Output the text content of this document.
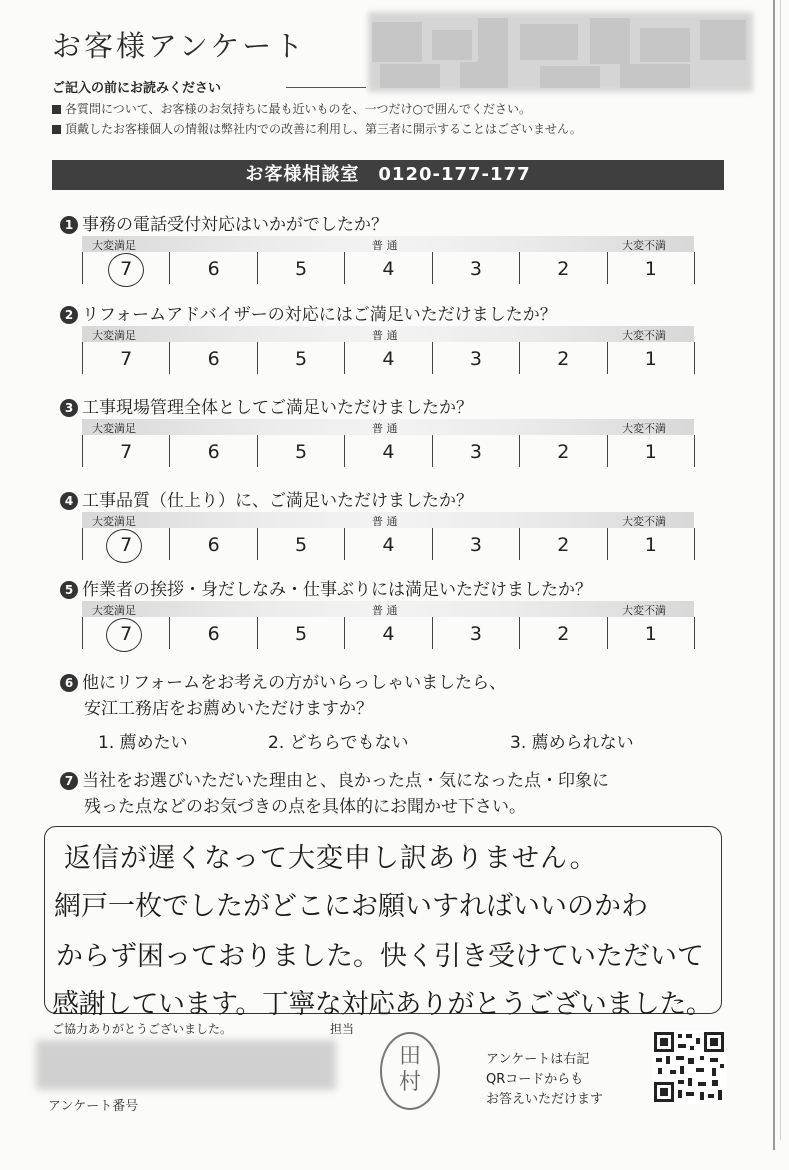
お客様アンケート
ご記入の前にお読みください
各質問について、お客様のお気持ちに最も近いものを、一つだけ○で囲んでください。
頂戴したお客様個人の情報は弊社内での改善に利用し、第三者に開示することはございません。
お客様相談室　0120-177-177
1 事務の電話受付対応はいかがでしたか？
大変満足	普 通	大変不満
7	6	5	4	3	2	1
2 リフォームアドバイザーの対応にはご満足いただけましたか？
大変満足	普 通	大変不満
7	6	5	4	3	2	1
3 工事現場管理全体としてご満足いただけましたか？
大変満足	普 通	大変不満
7	6	5	4	3	2	1
4 工事品質（仕上り）に、ご満足いただけましたか？
大変満足	普 通	大変不満
7	6	5	4	3	2	1
5 作業者の挨拶・身だしなみ・仕事ぶりには満足いただけましたか？
大変満足	普 通	大変不満
7	6	5	4	3	2	1
6 他にリフォームをお考えの方がいらっしゃいましたら、
安江工務店をお薦めいただけますか？
1. 薦めたい	2. どちらでもない	3. 薦められない
7 当社をお選びいただいた理由と、良かった点・気になった点・印象に
残った点などのお気づきの点を具体的にお聞かせ下さい。
返信が遅くなって大変申し訳ありません。
網戸一枚でしたがどこにお願いすればいいのかわ
からず困っておりました。快く引き受けていただいて
感謝しています。丁寧な対応ありがとうございました。
ご協力ありがとうございました。	担当
アンケート番号
田
村
アンケートは右記
QRコードからも
お答えいただけます
